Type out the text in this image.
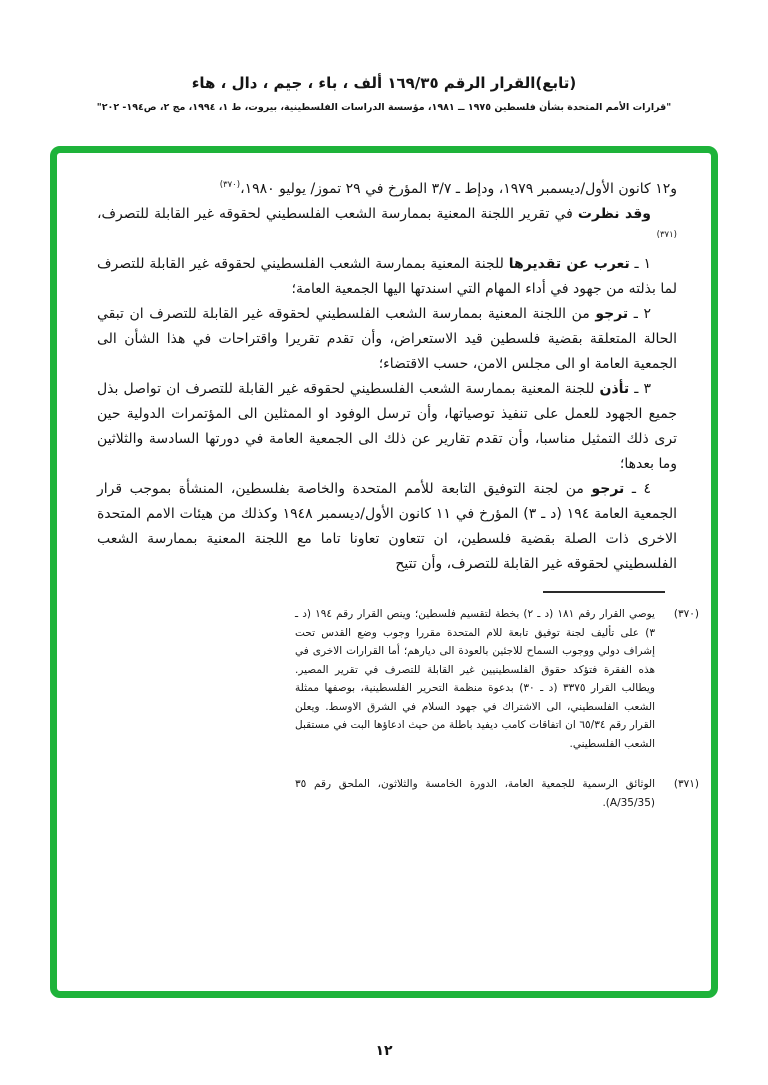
(تابع)القرار الرقم ١٦٩/٣٥ ألف ، باء ، جيم ، دال ، هاء
"قرارات الأمم المتحدة بشأن فلسطين ١٩٧٥ ــ ١٩٨١، مؤسسة الدراسات الفلسطينية، بيروت، ط ١، ١٩٩٤، مج ٢، ص١٩٤- ٢٠٢"

و١٢ كانون الأول/ديسمبر ١٩٧٩، ودإط ـ ٣/٧ المؤرخ في ٢٩ تموز/ يوليو ١٩٨٠،$^{(٣٧٠)}$

وقد نظرت في تقرير اللجنة المعنية بممارسة الشعب الفلسطيني لحقوقه غير القابلة للتصرف،$^{(٣٧١)}$

١ ـ تعرب عن تقديرها للجنة المعنية بممارسة الشعب الفلسطيني لحقوقه غير القابلة للتصرف لما بذلته من جهود في أداء المهام التي اسندتها اليها الجمعية العامة؛

٢ ـ ترجو من اللجنة المعنية بممارسة الشعب الفلسطيني لحقوقه غير القابلة للتصرف ان تبقي الحالة المتعلقة بقضية فلسطين قيد الاستعراض، وأن تقدم تقريرا واقتراحات في هذا الشأن الى الجمعية العامة او الى مجلس الامن، حسب الاقتضاء؛

٣ ـ تأذن للجنة المعنية بممارسة الشعب الفلسطيني لحقوقه غير القابلة للتصرف ان تواصل بذل جميع الجهود للعمل على تنفيذ توصياتها، وأن ترسل الوفود او الممثلين الى المؤتمرات الدولية حين ترى ذلك التمثيل مناسبا، وأن تقدم تقارير عن ذلك الى الجمعية العامة في دورتها السادسة والثلاثين وما بعدها؛

٤ ـ ترجو من لجنة التوفيق التابعة للأمم المتحدة والخاصة بفلسطين، المنشأة بموجب قرار الجمعية العامة ١٩٤ (د ـ ٣) المؤرخ في ١١ كانون الأول/ديسمبر ١٩٤٨ وكذلك من هيئات الامم المتحدة الاخرى ذات الصلة بقضية فلسطين، ان تتعاون تعاونا تاما مع اللجنة المعنية بممارسة الشعب الفلسطيني لحقوقه غير القابلة للتصرف، وأن تتيح

(٣٧٠)
يوصي القرار رقم ١٨١ (د ـ ٢) بخطة لتقسيم فلسطين؛ وينص القرار رقم ١٩٤ (د ـ ٣) على تأليف لجنة توفيق تابعة للام المتحدة مقررا وجوب وضع القدس تحت إشراف دولي ووجوب السماح للاجئين بالعودة الى ديارهم؛ أما القرارات الاخرى في هذه الفقرة فتؤكد حقوق الفلسطينيين غير القابلة للتصرف في تقرير المصير. ويطالب القرار ٣٣٧٥ (د ـ ٣٠) بدعوة منظمة التحرير الفلسطينية، بوصفها ممثلة الشعب الفلسطيني، الى الاشتراك في جهود السلام في الشرق الاوسط. ويعلن القرار رقم ٦٥/٣٤ ان اتفاقات كامب ديفيد باطلة من حيث ادعاؤها البت في مستقبل الشعب الفلسطيني.
(٣٧١)
الوثائق الرسمية للجمعية العامة، الدورة الخامسة والثلاثون، الملحق رقم ٣٥ (A/35/35).
١٢
